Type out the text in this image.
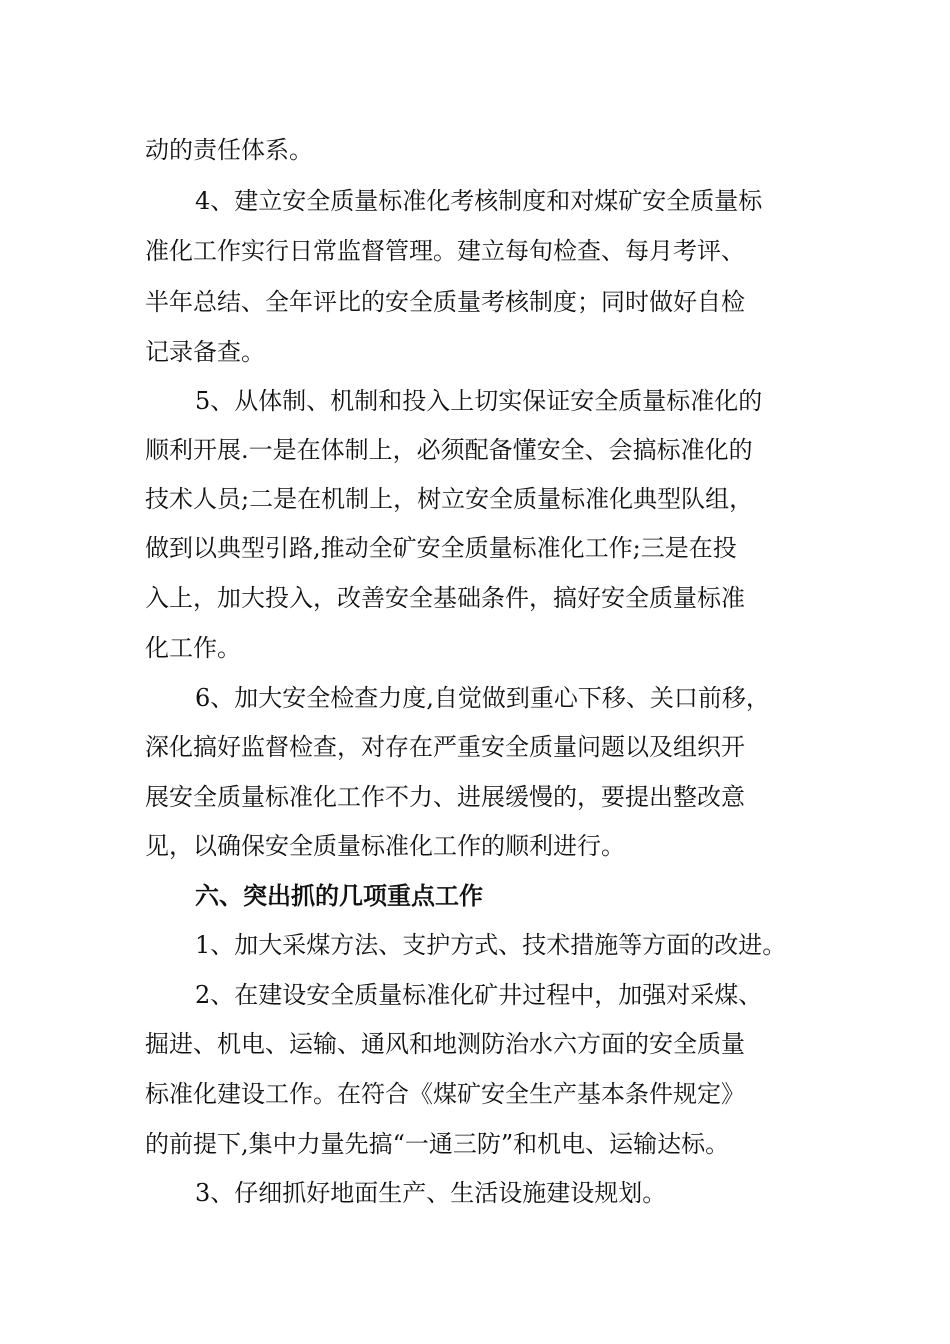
动的责任体系。
4、建立安全质量标准化考核制度和对煤矿安全质量标
准化工作实行日常监督管理。建立每旬检查、每月考评、
半年总结、全年评比的安全质量考核制度；同时做好自检
记录备查。
5、从体制、机制和投入上切实保证安全质量标准化的
顺利开展.一是在体制上，必须配备懂安全、会搞标准化的
技术人员;二是在机制上，树立安全质量标准化典型队组，
做到以典型引路,推动全矿安全质量标准化工作;三是在投
入上，加大投入，改善安全基础条件，搞好安全质量标准
化工作。
6、加大安全检查力度,自觉做到重心下移、关口前移，
深化搞好监督检查，对存在严重安全质量问题以及组织开
展安全质量标准化工作不力、进展缓慢的，要提出整改意
见，以确保安全质量标准化工作的顺利进行。
六、突出抓的几项重点工作
1、加大采煤方法、支护方式、技术措施等方面的改进。
2、在建设安全质量标准化矿井过程中，加强对采煤、
掘进、机电、运输、通风和地测防治水六方面的安全质量
标准化建设工作。在符合《煤矿安全生产基本条件规定》
的前提下,集中力量先搞“一通三防”和机电、运输达标。
3、仔细抓好地面生产、生活设施建设规划。
